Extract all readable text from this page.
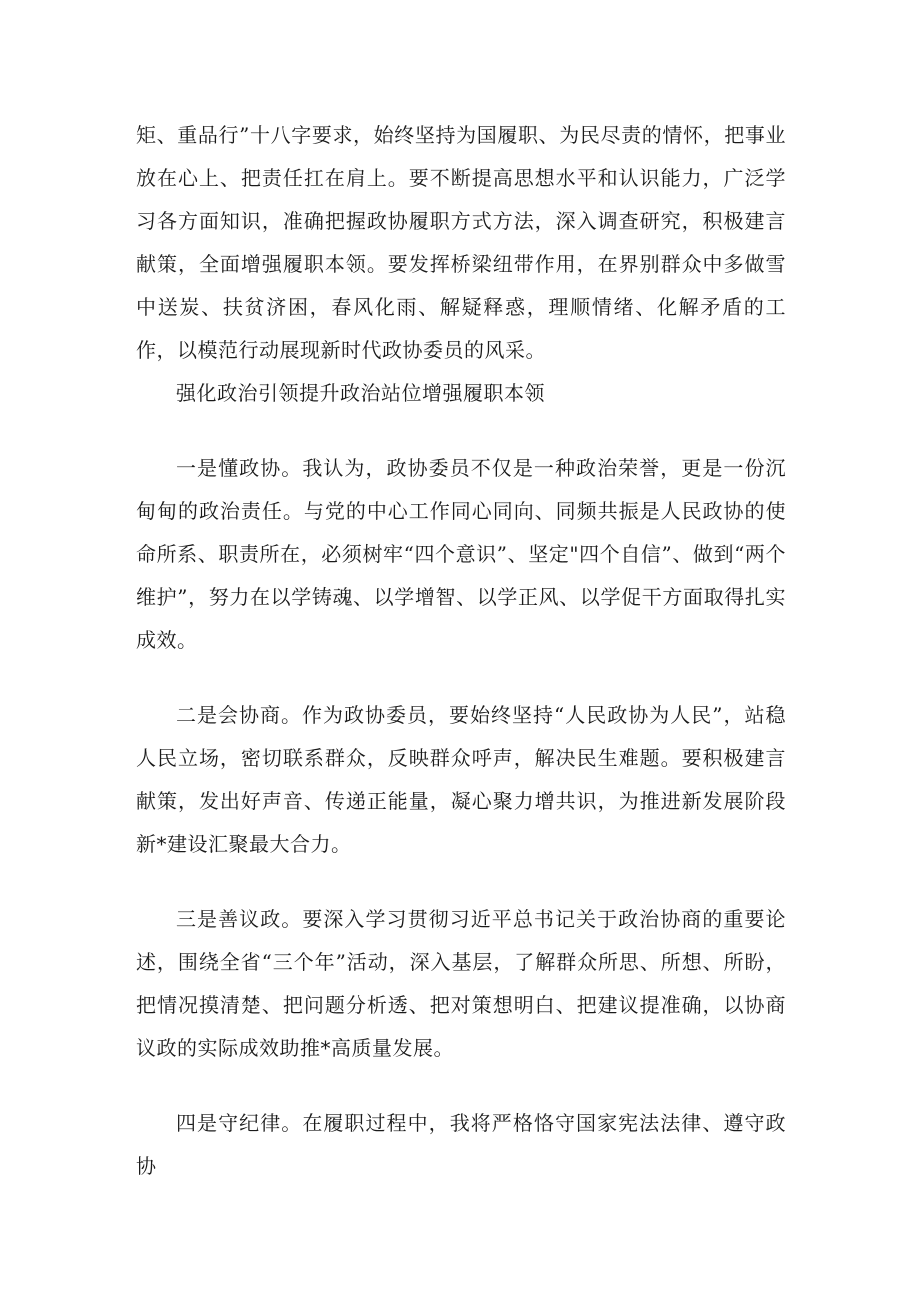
矩、重品行”十八字要求，始终坚持为国履职、为民尽责的情怀，把事业放在心上、把责任扛在肩上。要不断提高思想水平和认识能力，广泛学习各方面知识，准确把握政协履职方式方法，深入调查研究，积极建言献策，全面增强履职本领。要发挥桥梁纽带作用，在界别群众中多做雪中送炭、扶贫济困，春风化雨、解疑释惑，理顺情绪、化解矛盾的工作，以模范行动展现新时代政协委员的风采。

强化政治引领提升政治站位增强履职本领

一是懂政协。我认为，政协委员不仅是一种政治荣誉，更是一份沉甸甸的政治责任。与党的中心工作同心同向、同频共振是人民政协的使命所系、职责所在，必须树牢“四个意识”、坚定"四个自信”、做到“两个维护”，努力在以学铸魂、以学增智、以学正风、以学促干方面取得扎实成效。

二是会协商。作为政协委员，要始终坚持“人民政协为人民”，站稳人民立场，密切联系群众，反映群众呼声，解决民生难题。要积极建言献策，发出好声音、传递正能量，凝心聚力增共识，为推进新发展阶段新*建设汇聚最大合力。

三是善议政。要深入学习贯彻习近平总书记关于政治协商的重要论述，围绕全省“三个年”活动，深入基层，了解群众所思、所想、所盼，把情况摸清楚、把问题分析透、把对策想明白、把建议提准确，以协商议政的实际成效助推*高质量发展。

四是守纪律。在履职过程中，我将严格恪守国家宪法法律、遵守政协
